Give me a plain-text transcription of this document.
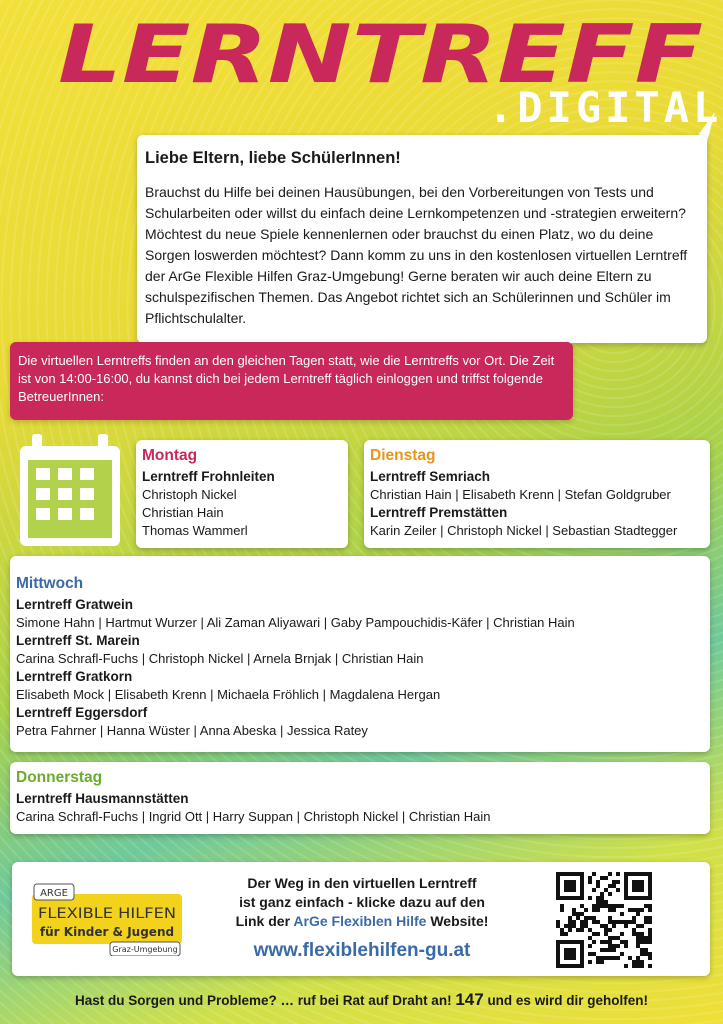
LERNTREFF
.DIGITAL
Liebe Eltern, liebe SchülerInnen!

Brauchst du Hilfe bei deinen Hausübungen, bei den Vorbereitungen von Tests und Schularbeiten oder willst du einfach deine Lernkompetenzen und -strategien erweitern? Möchtest du neue Spiele kennenlernen oder brauchst du einen Platz, wo du deine Sorgen loswerden möchtest? Dann komm zu uns in den kostenlosen virtuellen Lerntreff der ArGe Flexible Hilfen Graz-Umgebung! Gerne beraten wir auch deine Eltern zu schulspezifischen Themen. Das Angebot richtet sich an Schülerinnen und Schüler im Pflichtschulalter.

Die virtuellen Lerntreffs finden an den gleichen Tagen statt, wie die Lerntreffs vor Ort. Die Zeit ist von 14:00-16:00, du kannst dich bei jedem Lerntreff täglich einloggen und triffst folgende BetreuerInnen:
Montag
Lerntreff Frohnleiten
Christoph Nickel
Christian Hain
Thomas Wammerl
Dienstag
Lerntreff Semriach
Christian Hain | Elisabeth Krenn | Stefan Goldgruber
Lerntreff Premstätten
Karin Zeiler | Christoph Nickel | Sebastian Stadtegger
Mittwoch
Lerntreff Gratwein
Simone Hahn | Hartmut Wurzer | Ali Zaman Aliyawari | Gaby Pampouchidis-Käfer | Christian Hain
Lerntreff St. Marein
Carina Schrafl-Fuchs | Christoph Nickel | Arnela Brnjak | Christian Hain
Lerntreff Gratkorn
Elisabeth Mock | Elisabeth Krenn | Michaela Fröhlich | Magdalena Hergan
Lerntreff Eggersdorf
Petra Fahrner | Hanna Wüster | Anna Abeska | Jessica Ratey
Donnerstag
Lerntreff Hausmannstätten
Carina Schrafl-Fuchs | Ingrid Ott | Harry Suppan | Christoph Nickel | Christian Hain
ARGE
FLEXIBLE HILFEN
für Kinder & Jugend
Graz-Umgebung
Der Weg in den virtuellen Lerntreff
ist ganz einfach - klicke dazu auf den
Link der ArGe Flexiblen Hilfe Website!
www.flexiblehilfen-gu.at
Hast du Sorgen und Probleme? … ruf bei Rat auf Draht an! 147 und es wird dir geholfen!
